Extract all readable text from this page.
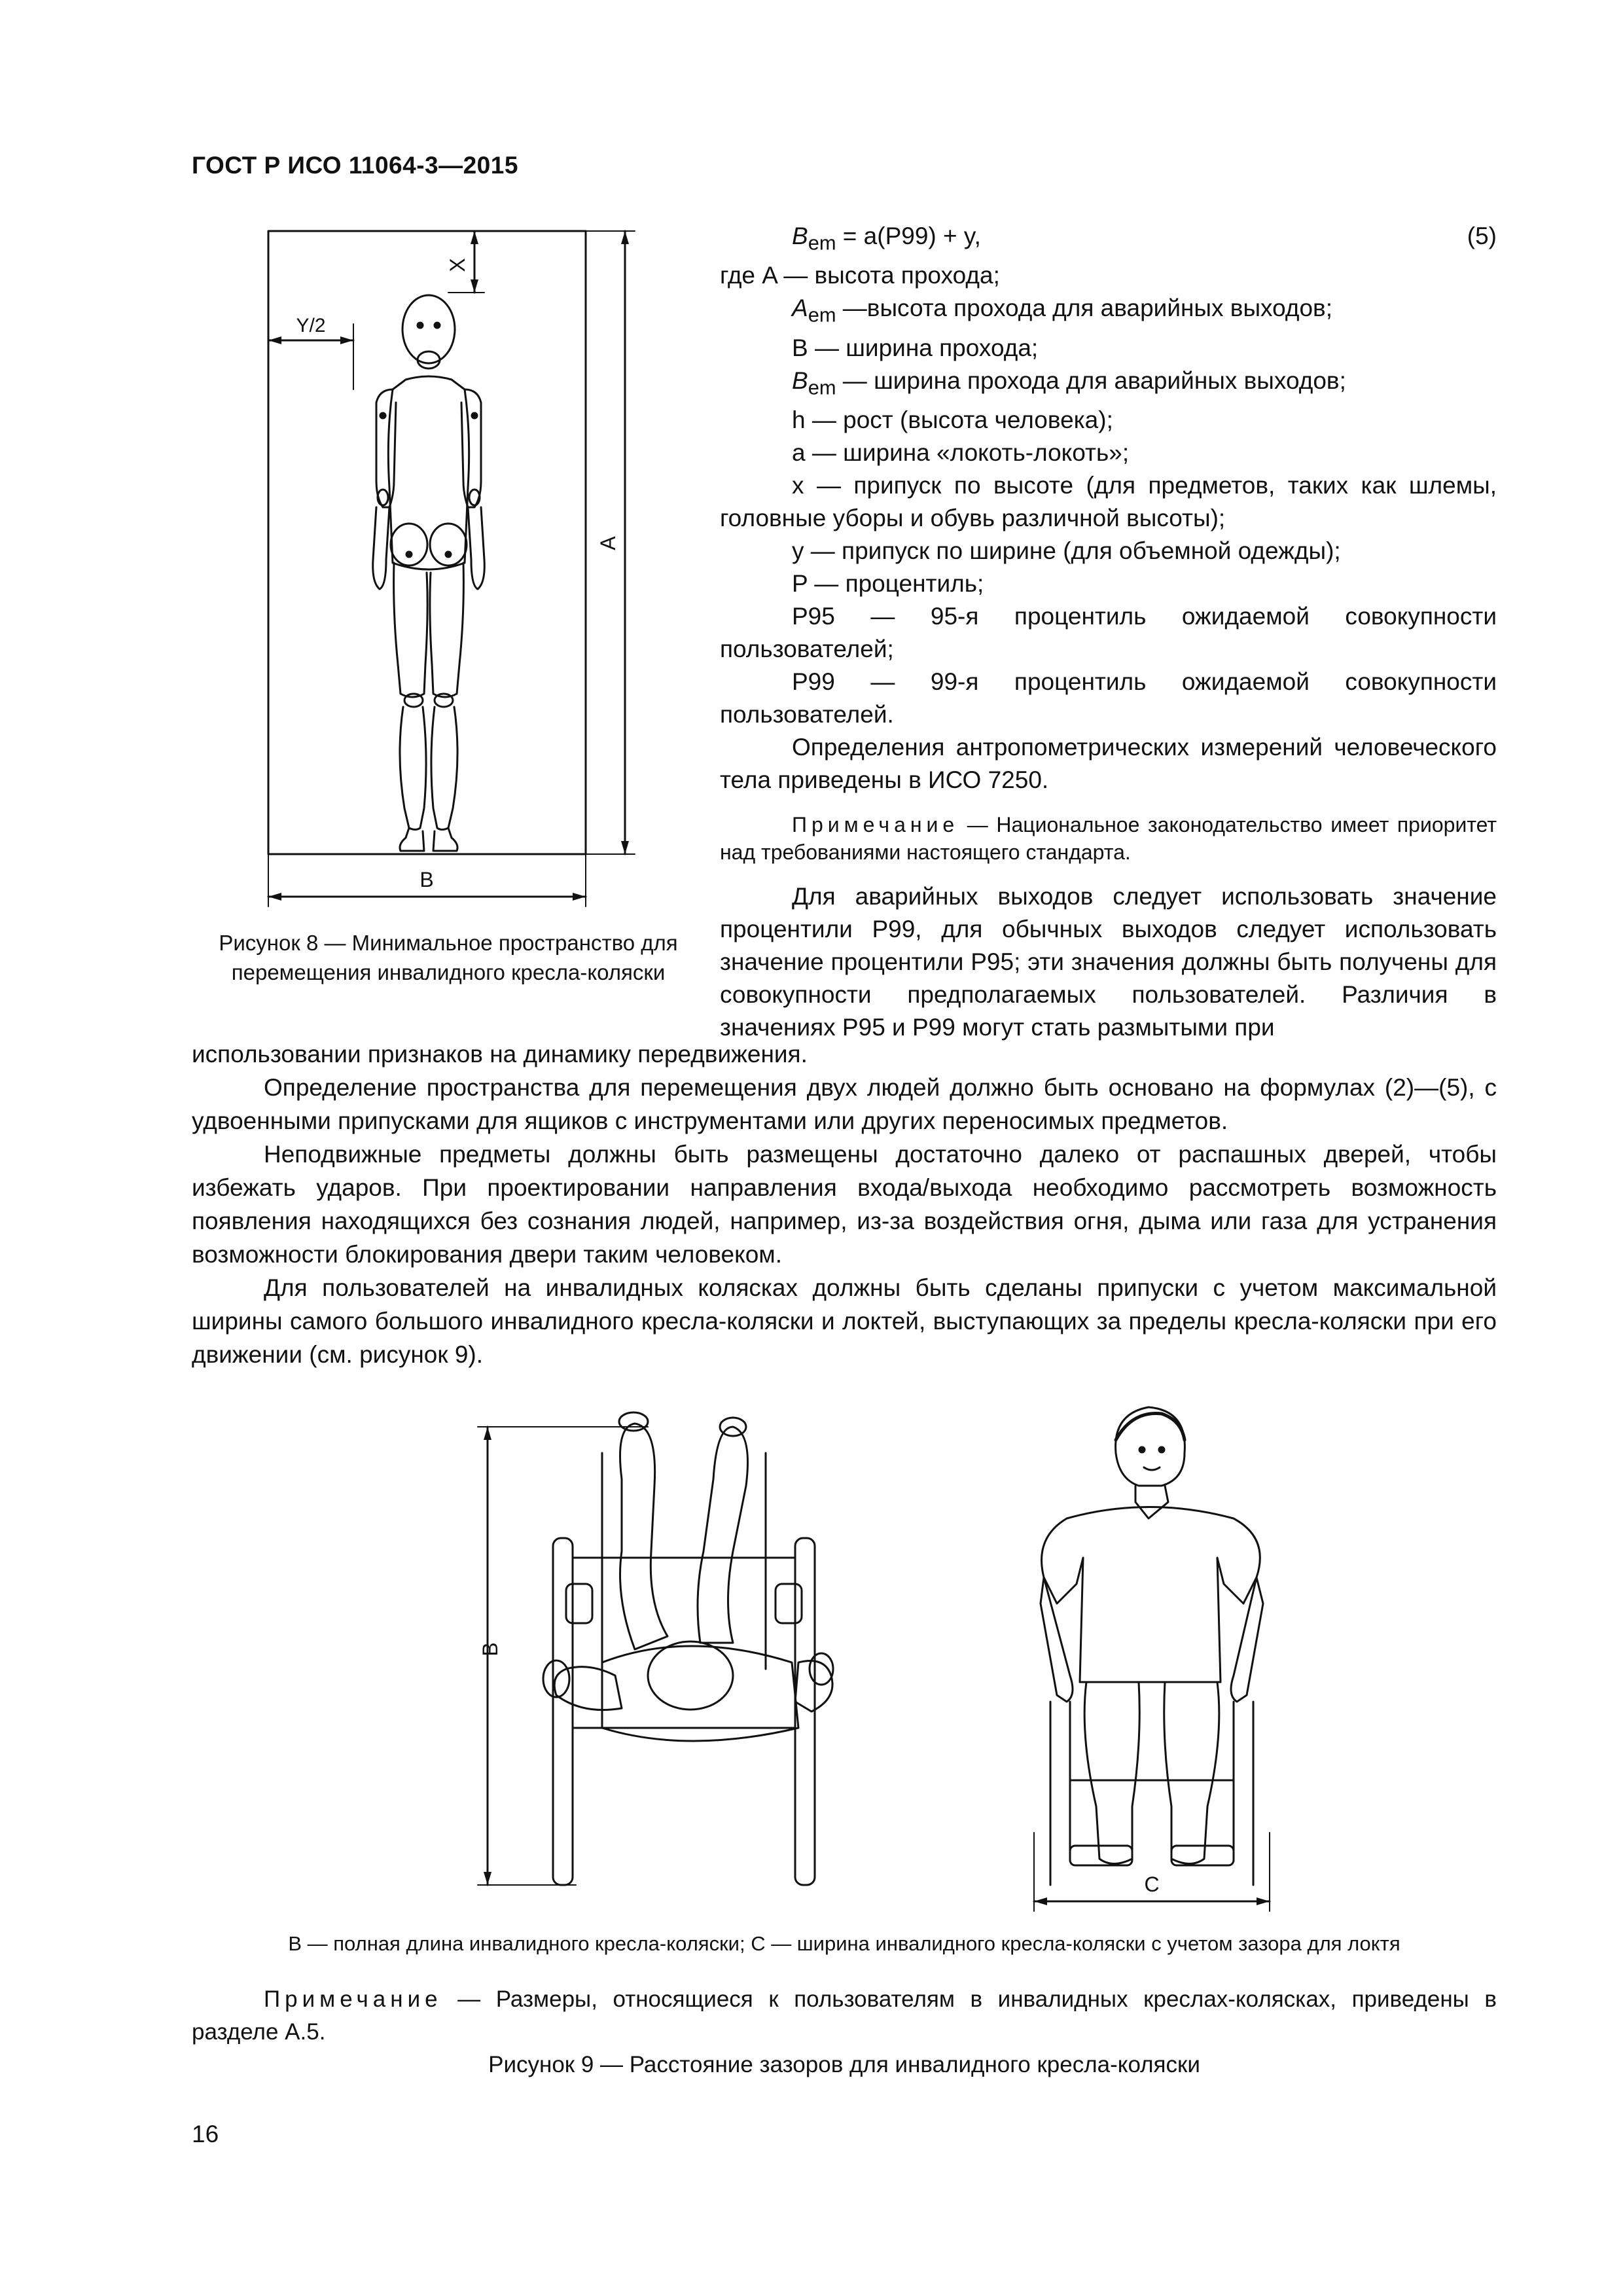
ГОСТ Р ИСО 11064-3—2015
X
Y/2
A
B
Рисунок 8 — Минимальное пространство для перемещения инвалидного кресла-коляски
$B_{em} = a(P99) + y$,	(5)
где A — высота прохода;
$A_{em}$ —высота прохода для аварийных выходов;
B — ширина прохода;
$B_{em}$ — ширина прохода для аварийных выходов;
h — рост (высота человека);
a — ширина «локоть-локоть»;
x — припуск по высоте (для предметов, таких как шлемы, головные уборы и обувь различной высоты);
y — припуск по ширине (для объемной одежды);
P — процентиль;
P95 — 95-я процентиль ожидаемой совокупности пользователей;
P99 — 99-я процентиль ожидаемой совокупности пользователей.
Определения антропометрических измерений человеческого тела приведены в ИСО 7250.
Примечание — Национальное законодательство имеет приоритет над требованиями настоящего стандарта.
Для аварийных выходов следует использовать значение процентили P99, для обычных выходов следует использовать значение процентили P95; эти значения должны быть получены для совокупности предполагаемых пользователей. Различия в значениях P95 и P99 могут стать размытыми при

использовании признаков на динамику передвижения.

Определение пространства для перемещения двух людей должно быть основано на формулах (2)—(5), с удвоенными припусками для ящиков с инструментами или других переносимых предметов.

Неподвижные предметы должны быть размещены достаточно далеко от распашных дверей, чтобы избежать ударов. При проектировании направления входа/выхода необходимо рассмотреть возможность появления находящихся без сознания людей, например, из-за воздействия огня, дыма или газа для устранения возможности блокирования двери таким человеком.

Для пользователей на инвалидных колясках должны быть сделаны припуски с учетом максимальной ширины самого большого инвалидного кресла-коляски и локтей, выступающих за пределы кресла-коляски при его движении (см. рисунок 9).

B
C
B — полная длина инвалидного кресла-коляски; C — ширина инвалидного кресла-коляски с учетом зазора для локтя
Примечание — Размеры, относящиеся к пользователям в инвалидных креслах-колясках, приведены в разделе А.5.
Рисунок 9 — Расстояние зазоров для инвалидного кресла-коляски
16
